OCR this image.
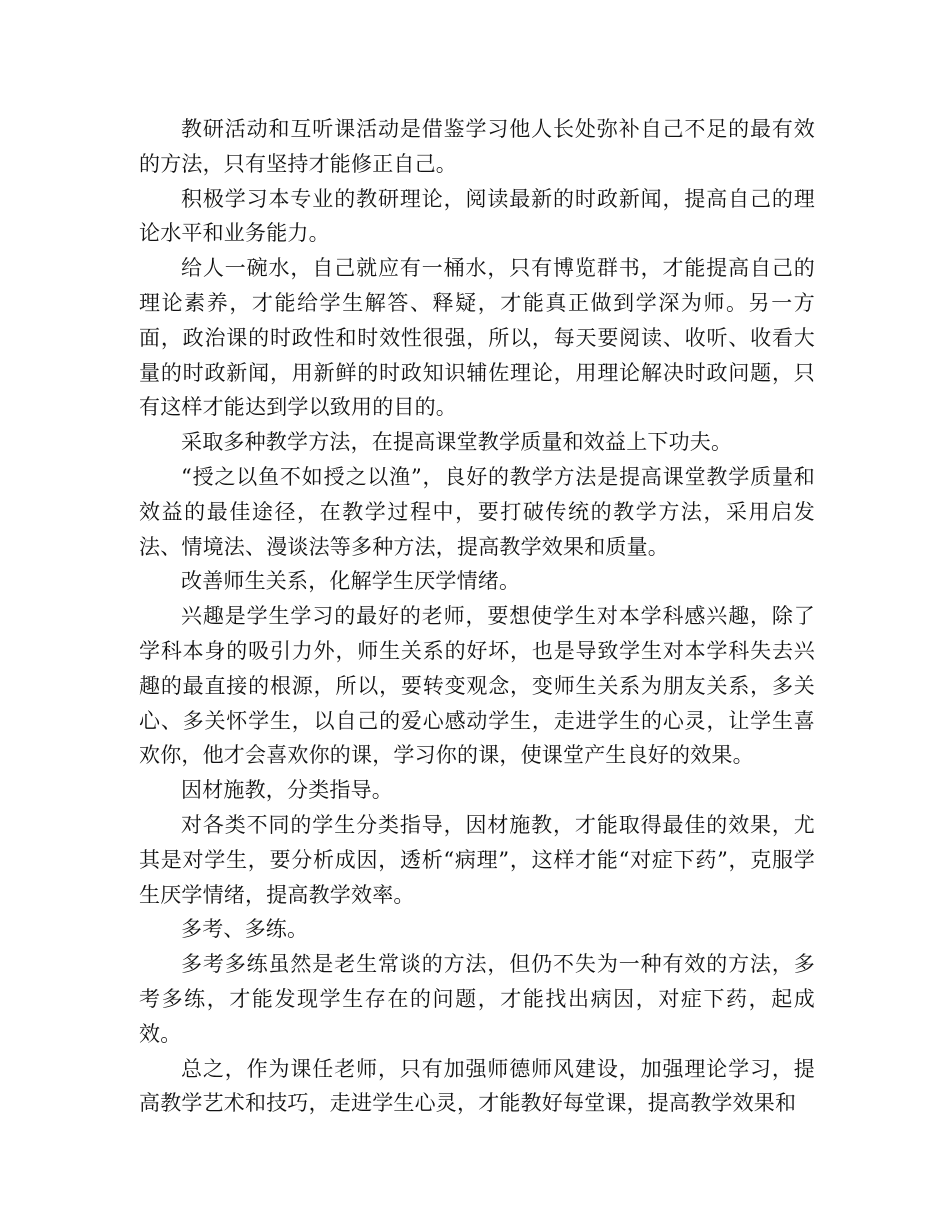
教研活动和互听课活动是借鉴学习他人长处弥补自己不足的最有效的方法，只有坚持才能修正自己。

积极学习本专业的教研理论，阅读最新的时政新闻，提高自己的理论水平和业务能力。

给人一碗水，自己就应有一桶水，只有博览群书，才能提高自己的理论素养，才能给学生解答、释疑，才能真正做到学深为师。另一方面，政治课的时政性和时效性很强，所以，每天要阅读、收听、收看大量的时政新闻，用新鲜的时政知识辅佐理论，用理论解决时政问题，只有这样才能达到学以致用的目的。

采取多种教学方法，在提高课堂教学质量和效益上下功夫。

“授之以鱼不如授之以渔”，良好的教学方法是提高课堂教学质量和效益的最佳途径，在教学过程中，要打破传统的教学方法，采用启发法、情境法、漫谈法等多种方法，提高教学效果和质量。

改善师生关系，化解学生厌学情绪。

兴趣是学生学习的最好的老师，要想使学生对本学科感兴趣，除了学科本身的吸引力外，师生关系的好坏，也是导致学生对本学科失去兴趣的最直接的根源，所以，要转变观念，变师生关系为朋友关系，多关心、多关怀学生，以自己的爱心感动学生，走进学生的心灵，让学生喜欢你，他才会喜欢你的课，学习你的课，使课堂产生良好的效果。

因材施教，分类指导。

对各类不同的学生分类指导，因材施教，才能取得最佳的效果，尤其是对学生，要分析成因，透析“病理”，这样才能“对症下药”，克服学生厌学情绪，提高教学效率。

多考、多练。

多考多练虽然是老生常谈的方法，但仍不失为一种有效的方法，多考多练，才能发现学生存在的问题，才能找出病因，对症下药，起成效。

总之，作为课任老师，只有加强师德师风建设，加强理论学习，提高教学艺术和技巧，走进学生心灵，才能教好每堂课，提高教学效果和
